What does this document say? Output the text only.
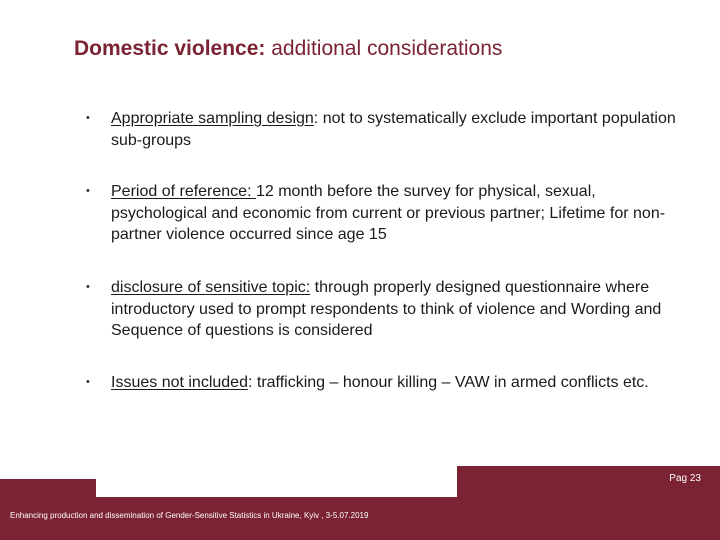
Domestic violence: additional considerations
• Appropriate sampling design: not to systematically exclude important population sub-groups
• Period of reference: 12 month before the survey for physical, sexual, psychological and economic from current or previous partner; Lifetime for non-partner violence occurred since age 15
• disclosure of sensitive topic: through properly designed questionnaire where introductory used to prompt respondents to think of violence and Wording and Sequence of questions is considered
• Issues not included: trafficking – honour killing – VAW in armed conflicts etc.
Enhancing production and dissemination of Gender-Sensitive Statistics in Ukraine, Kyiv , 3-5.07.2019
Pag 23
